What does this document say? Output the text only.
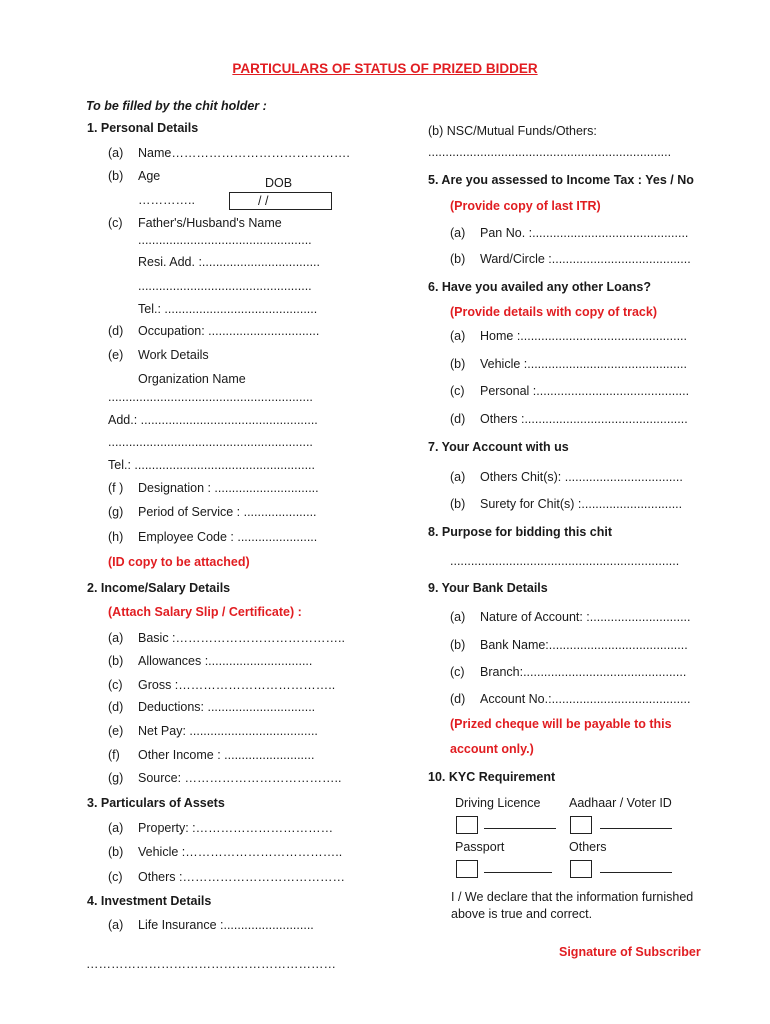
PARTICULARS OF STATUS OF PRIZED BIDDER
To be filled by the chit holder :
1. Personal Details
(a) Name…………………………………….
(b) Age
…………..
DOB
/ /
(c) Father's/Husband's Name
..................................................
Resi. Add. :..................................
..................................................
Tel.: ............................................
(d) Occupation: ................................
(e) Work Details
Organization Name
...........................................................
Add.: ...................................................
...........................................................
Tel.: ....................................................
(f ) Designation : ..............................
(g) Period of Service : .....................
(h) Employee Code : .......................
(ID copy to be attached)
2. Income/Salary Details
(Attach Salary Slip / Certificate) :
(a) Basic :…………………………………..
(b) Allowances :..............................
(c) Gross :………………………………..
(d) Deductions: ...............................
(e) Net Pay: .....................................
(f) Other Income : ..........................
(g) Source: ………………………………..
3. Particulars of Assets
(a) Property: :……………………………
(b) Vehicle :………………………………..
(c) Others :…………………………………
4. Investment Details
(a) Life Insurance :..........................
……………………………………………………
(b) NSC/Mutual Funds/Others:
......................................................................
5. Are you assessed to Income Tax : Yes / No
(Provide copy of last ITR)
(a) Pan No. :.............................................
(b) Ward/Circle :........................................
6. Have you availed any other Loans?
(Provide details with copy of track)
(a) Home :................................................
(b) Vehicle :..............................................
(c) Personal :............................................
(d) Others :...............................................
7. Your Account with us
(a) Others Chit(s): ..................................
(b) Surety for Chit(s) :.............................
8. Purpose for bidding this chit
..................................................................
9. Your Bank Details
(a) Nature of Account: :.............................
(b) Bank Name:........................................
(c) Branch:...............................................
(d) Account No.:........................................
(Prized cheque will be payable to this
account only.)
10. KYC Requirement
Driving Licence Aadhaar / Voter ID
Passport	Others
I / We declare that the information furnished
above is true and correct.
Signature of Subscriber
